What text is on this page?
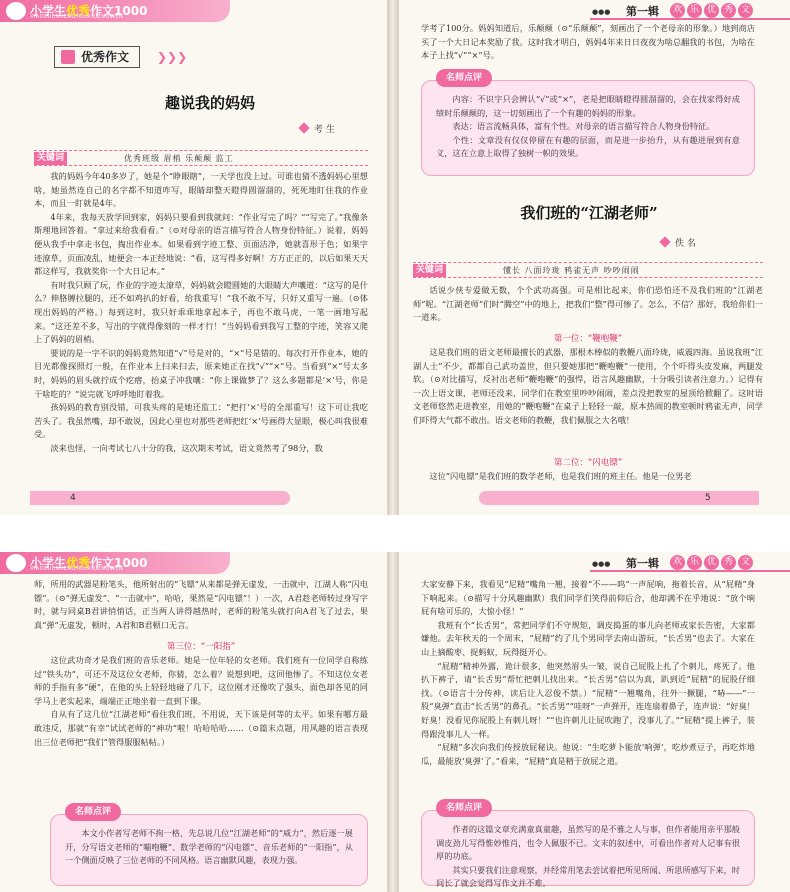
小学生优秀作文1000
XIAOXUESHENGYOUXIUZUOWEN
优秀作文 ❯❯❯
趣说我的妈妈
考 生
关键词	优秀班级 眉梢 乐颠颠 监工

我的妈妈今年40多岁了，她是个“睁眼瞎”，一天学也没上过。可谁也猜不透妈妈心里想啥，她虽然连自己的名字都不知道咋写，眼睛却整天瞪得圆溜溜的，死死地盯住我的作业本，而且一盯就是4年。

4年来，我每天放学回到家，妈妈只要看到我就问：“作业写完了吗？”“写完了。”我像条斯理地回答着。“拿过来给我看看。”（⊙对母亲的语言描写符合人物身份特征。）说着，妈妈便从我手中拿走书包，掏出作业本。如果看到字迹工整、页面洁净，她就喜形于色；如果字迹潦草，页面凌乱，她便会一本正经地说：“看，这写得多好啊！方方正正的，以后如果天天都这样写，我就奖你一个大日记本。”

有时我只顾了玩，作业的字迹太潦草，妈妈就会瞪圆她的大眼睛大声嚷道：“这写的是什么？伸胳膊拉腿的，还不如鸡扒的好看，给我重写！”我不敢不写，只好又重写一遍。（⊙体现出妈妈的严格。）每到这时，我只好乖乖地拿起本子，再也不敢马虎，一笔一画地写起来。“这还差不多，写出的字就得像刻的一样才行！”当妈妈看到我写工整的字迹，笑容又爬上了妈妈的眉梢。

要说的是一字不识的妈妈竟然知道“√”号是对的，“×”号是错的。每次打开作业本，她的目光都像探照灯一般，在作业本上扫来扫去，原来她正在找“√”“×”号。当看到“×”号太多时，妈妈的眉头就拧成个疙瘩，抬桌子冲我嚷：“你上课做梦了？这么多题都是‘×’号，你是干啥吃的？”说完就飞呼呼地盯着我。

孩妈妈的教育别没错，可我头疼的是她还监工：“把打‘×’号的全部重写！这下可让我吃苦头了。我虽然嘴，却不敢说，因此心里也对那些老师把红‘×’号画得大显眼，极心叫我很难受。

淡来也怪，一向考试七八十分的我，这次期末考试，语文竟然考了98分，数

4
●●● 第一辑	欢 乐 优 秀 文

学考了100分。妈妈知道后，乐颠颠（⊙“乐颠颠”，刻画出了一个老母亲的形象。）地到商店买了一个大日记本奖励了我。这时我才明白，妈妈4年来日日夜夜为啥总翻我的书包，为啥在本子上找“√”“×”号。

名师点评

内容：不识字只会辨认“√”或“×”，老是把眼睛瞪得圆溜溜的，会在找家得好成绩时乐颠颠的，这一切刻画出了一个有趣的妈妈的形象。

表达：语言流畅具体，富有个性。对母亲的语言描写符合人物身份特征。

个性：文章没有仅仅停留在有趣的层面，而是进一步抬升，从有趣进展到有意义，这在立意上取得了独树一帜的效果。

我们班的“江湖老师”
佚 名
关键词	懂长 八面玲珑 鸦雀无声 吵吵闹闹

话说少侠专爱做无数，个个武功高强。可是相比起来，你们恐怕还不及我们班的“江湖老师”呢。“江湖老师”们时“腾空”中的地上，把我们“整”得可惨了。怎么，不信？那好，我给你们一一道来。

第一位：“鞭咆鞭”

这是我们班的语文老师最擅长的武器，那根木棒似的教鞭八面玲珑，威震四海。虽说我班“江湖人士”不少，都都自己武功盖世，但只要她那把“鞭咆鞭”一使用，个个吓得头皮发麻，两腿发软。（⊙对比描写，反衬出老师“鞭咆鞭”的强悍，语言风趣幽默，十分吸引读者注意力。）记得有一次上语文课，老师还没来，同学们在教室里吵吵闹闹，差点没把教室的屋顶给掀翻了。这时语文老师悠然走进教室，用她的“鞭咆鞭”在桌子上轻轻一敲，原本热闹的教室顿时鸦雀无声，同学们吓得大气都不敢出。语文老师的教鞭，我们佩服之大名哦！

第二位：“闪电镖”

这位“闪电镖”是我们班的数学老师，也是我们班的班主任。他是一位男老

5
小学生优秀作文1000
XIAOXUESHENGYOUXIUZUOWEN

师，所用的武器是粉笔头，他所射出的“飞镖”从来都是弹无虚发，一击就中，江湖人称“闪电镖”。（⊙“弹无虚发”、“一击就中”，哈哈，果然是“闪电镖”！）一次，A君趁老师转过身写字时，就与同桌B君讲悄悄话，正当两人讲得越热时，老师的粉笔头就打向A君飞了过去，果真“弹”无虚发，顿时，A君和B君顿口无言。

第三位：“一阳指”

这位武功奇才是我们班的音乐老师。她是一位年轻的女老师。我们班有一位同学自称练过“铁头功”，可还不及这位女老师，你猜，怎么着？说想到吧，这回他惨了。不知这位女老师的手指有多“硬”，在他的头上轻轻地碰了几下，这位刚才还像吹了强头，面色却各见的同学马上老实起来，端端正正地坐着一直到下课。

自从有了这几位“江湖老师”看住我们班，不用说，天下该是何等的太平。如果有哪方最敢违反，那就“有幸”试试老师的“神功”啦！哈哈哈哈……（⊙篇末点题，用风趣的语言表现出三位老师把“我们”管得服服帖帖。）

名师点评

本文小作者写老师不拘一格，先总说几位“江湖老师”的“威力”，然后逐一展开，分写语文老师的“嘣咆鞭”、数学老师的“闪电镖”、音乐老师的“一阳指”，从一个侧面反映了三位老师的不同风格。语言幽默风趣，表现力强。

●●● 第一辑	欢 乐 优 秀 文

大家安静下来，我看见“尼精”嘴角一翘，接着“不——呜”一声屁响，拖着长音，从“屁精”身下响起来。（⊙描写十分风趣幽默）我们同学们笑得前仰后合，他却满不在乎地说：“放个响屁有啥可乐的，大惊小怪！”

我班有个“长舌男”，常把同学们不守规矩，调皮捣蛋的事儿向老师或家长告密，大家都嫌他。去年秋天的一个周末，“屁精”约了几个男同学去南山游玩，“长舌男”也去了。大家在山上摘酸枣、捉蚂蚁，玩得挺开心。

“屁精”精神外露，诡计很多，他突然眉头一皱，说自己屁股上扎了个刺儿，疼死了。他扒下裤子，请“长舌男”帮忙把刺儿找出来。“长舌男”信以为真，趴到近“屁精”的屁股仔细找。（⊙语言十分传神，读后让人忍俊不禁。）“屁精”一翘嘴角，往外一撅腿，“哧——”一股“臭弹”直击“长舌男”的鼻孔。“长舌男”“哇呀”一声弹开，连连扇着鼻子，连声说：“好臭！好臭！没看见你屁股上有刺儿呀！”“也许刺儿让屁吹跑了，没事儿了。”“屁精”提上裤子，装得跟没事儿人一样。

“屁精”多次向我们传授放屁秘诀。他说：“生吃萝卜能放‘响弹’，吃炒煮豆子，再吃炸地瓜，最能放‘臭弹’了。”看来，“屁精”真是精于放屁之道。

名师点评

作者的这篇文章充满童真童趣，虽然写的是不雅之人与事，但作者能用亲平那般调皮劲儿写得惟妙惟肖，也令人佩服不已。文末的叙述中，可看出作者对人记事有很厚的功底。

其实只要我们注意观察，并经常用笔去尝试着把所见所闻、所思所感写下来，时间长了就会觉得写作文并不难。
